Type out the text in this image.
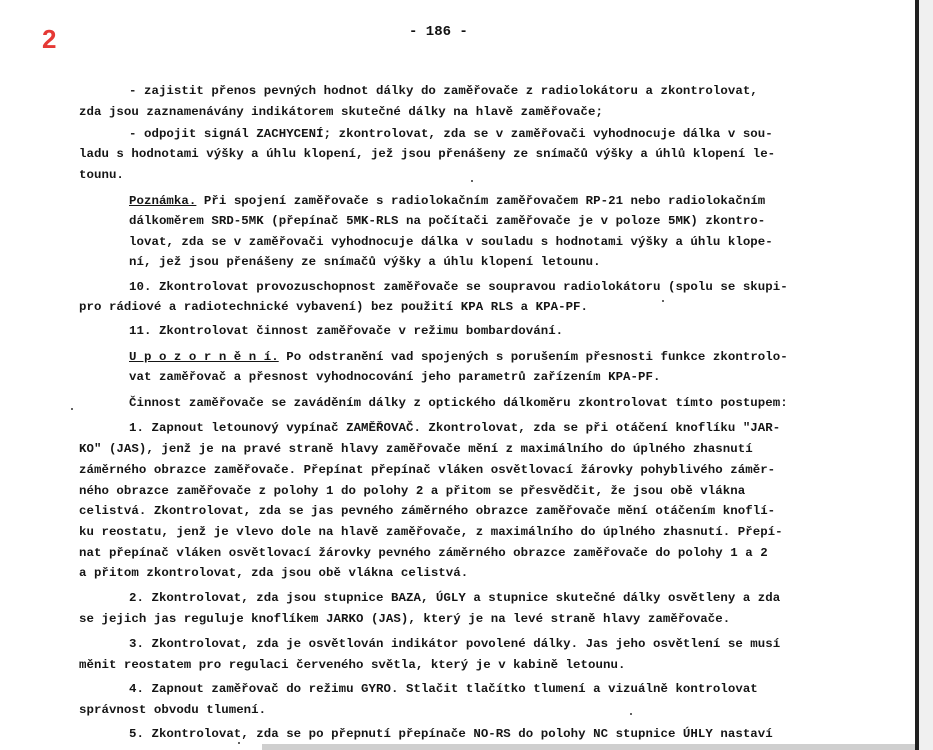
2	- 186 -
- zajistit přenos pevných hodnot dálky do zaměřovače z radiolokátoru a zkontrolovat,
zda jsou zaznamenávány indikátorem skutečné dálky na hlavě zaměřovače;
- odpojit signál ZACHYCENÍ; zkontrolovat, zda se v zaměřovači vyhodnocuje dálka v sou-
ladu s hodnotami výšky a úhlu klopení, jež jsou přenášeny ze snímačů výšky a úhlů klopení le-
tounu.
Poznámka. Při spojení zaměřovače s radiolokačním zaměřovačem RP-21 nebo radiolokačním
dálkoměrem SRD-5MK (přepínač 5MK-RLS na počítači zaměřovače je v poloze 5MK) zkontro-
lovat, zda se v zaměřovači vyhodnocuje dálka v souladu s hodnotami výšky a úhlu klope-
ní, jež jsou přenášeny ze snímačů výšky a úhlu klopení letounu.
10. Zkontrolovat provozuschopnost zaměřovače se soupravou radiolokátoru (spolu se skupi-
pro rádiové a radiotechnické vybavení) bez použití KPA RLS a KPA-PF.
11. Zkontrolovat činnost zaměřovače v režimu bombardování.
U p o z o r n ě n í. Po odstranění vad spojených s porušením přesnosti funkce zkontrolo-
vat zaměřovač a přesnost vyhodnocování jeho parametrů zařízením KPA-PF.
Činnost zaměřovače se zaváděním dálky z optického dálkoměru zkontrolovat tímto postupem:
1. Zapnout letounový vypínač ZAMĚŘOVAČ. Zkontrolovat, zda se při otáčení knoflíku "JAR-
KO" (JAS), jenž je na pravé straně hlavy zaměřovače mění z maximálního do úplného zhasnutí
záměrného obrazce zaměřovače. Přepínat přepínač vláken osvětlovací žárovky pohyblivého záměr-
ného obrazce zaměřovače z polohy 1 do polohy 2 a přitom se přesvědčit, že jsou obě vlákna
celistvá. Zkontrolovat, zda se jas pevného záměrného obrazce zaměřovače mění otáčením knoflí-
ku reostatu, jenž je vlevo dole na hlavě zaměřovače, z maximálního do úplného zhasnutí. Přepí-
nat přepínač vláken osvětlovací žárovky pevného záměrného obrazce zaměřovače do polohy 1 a 2
a přitom zkontrolovat, zda jsou obě vlákna celistvá.
2. Zkontrolovat, zda jsou stupnice BAZA, ÚGLY a stupnice skutečné dálky osvětleny a zda
se jejich jas reguluje knoflíkem JARKO (JAS), který je na levé straně hlavy zaměřovače.
3. Zkontrolovat, zda je osvětlován indikátor povolené dálky. Jas jeho osvětlení se musí
měnit reostatem pro regulaci červeného světla, který je v kabině letounu.
4. Zapnout zaměřovač do režimu GYRO. Stlačit tlačítko tlumení a vizuálně kontrolovat
správnost obvodu tlumení.
5. Zkontrolovat, zda se po přepnutí přepínače NO-RS do polohy NC stupnice ÚHLY nastaví
